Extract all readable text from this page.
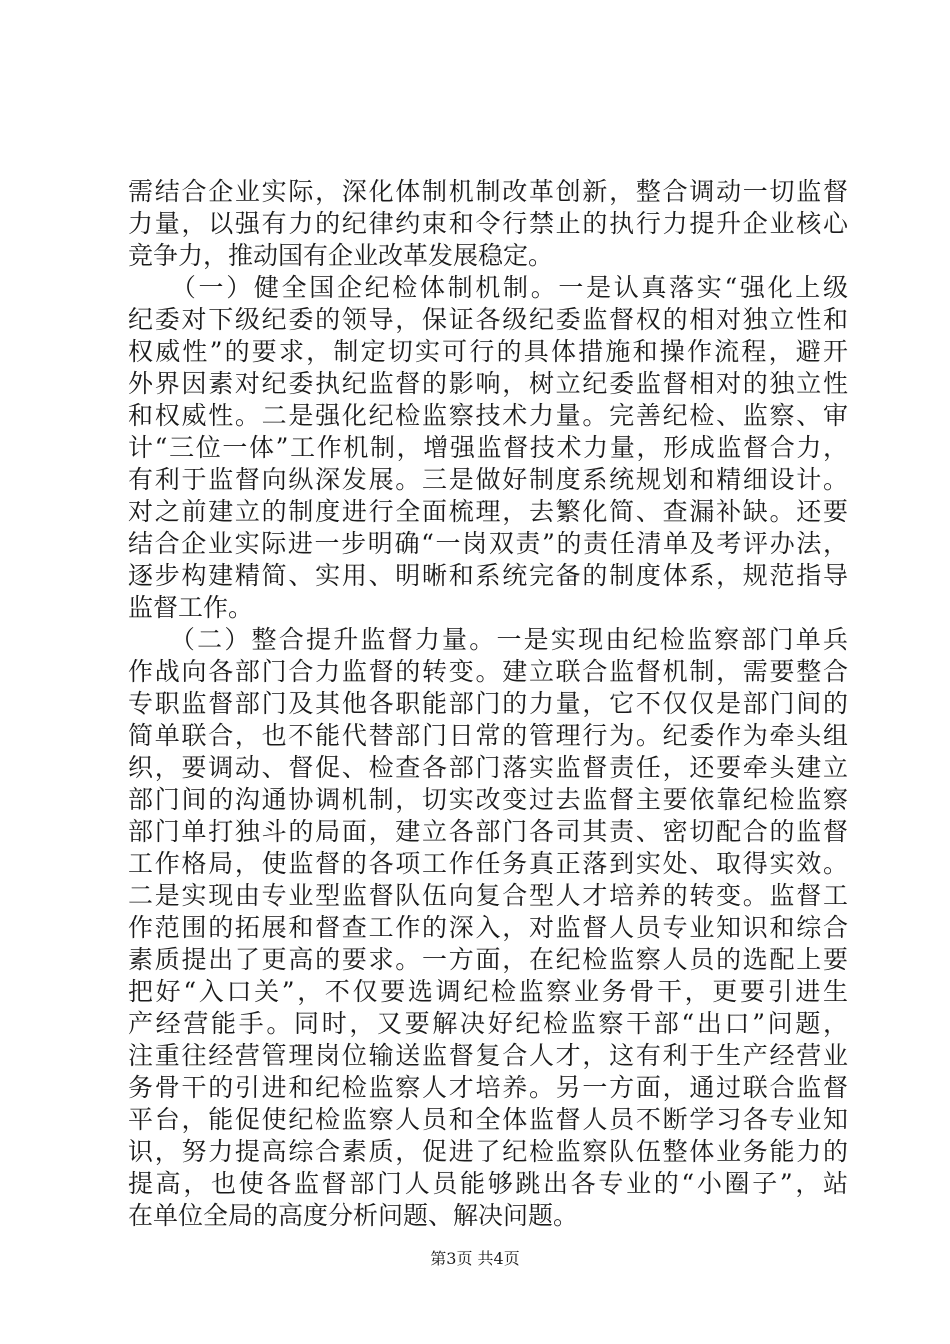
需结合企业实际，深化体制机制改革创新，整合调动一切监督
力量，以强有力的纪律约束和令行禁止的执行力提升企业核心
竞争力，推动国有企业改革发展稳定。
　　（一）健全国企纪检体制机制。一是认真落实“强化上级
纪委对下级纪委的领导，保证各级纪委监督权的相对独立性和
权威性”的要求，制定切实可行的具体措施和操作流程，避开
外界因素对纪委执纪监督的影响，树立纪委监督相对的独立性
和权威性。二是强化纪检监察技术力量。完善纪检、监察、审
计“三位一体”工作机制，增强监督技术力量，形成监督合力，
有利于监督向纵深发展。三是做好制度系统规划和精细设计。
对之前建立的制度进行全面梳理，去繁化简、查漏补缺。还要
结合企业实际进一步明确“一岗双责”的责任清单及考评办法，
逐步构建精简、实用、明晰和系统完备的制度体系，规范指导
监督工作。
　　（二）整合提升监督力量。一是实现由纪检监察部门单兵
作战向各部门合力监督的转变。建立联合监督机制，需要整合
专职监督部门及其他各职能部门的力量，它不仅仅是部门间的
简单联合，也不能代替部门日常的管理行为。纪委作为牵头组
织，要调动、督促、检查各部门落实监督责任，还要牵头建立
部门间的沟通协调机制，切实改变过去监督主要依靠纪检监察
部门单打独斗的局面，建立各部门各司其责、密切配合的监督
工作格局，使监督的各项工作任务真正落到实处、取得实效。
二是实现由专业型监督队伍向复合型人才培养的转变。监督工
作范围的拓展和督查工作的深入，对监督人员专业知识和综合
素质提出了更高的要求。一方面，在纪检监察人员的选配上要
把好“入口关”，不仅要选调纪检监察业务骨干，更要引进生
产经营能手。同时，又要解决好纪检监察干部“出口”问题，
注重往经营管理岗位输送监督复合人才，这有利于生产经营业
务骨干的引进和纪检监察人才培养。另一方面，通过联合监督
平台，能促使纪检监察人员和全体监督人员不断学习各专业知
识，努力提高综合素质，促进了纪检监察队伍整体业务能力的
提高，也使各监督部门人员能够跳出各专业的“小圈子”，站
在单位全局的高度分析问题、解决问题。
第3页 共4页
